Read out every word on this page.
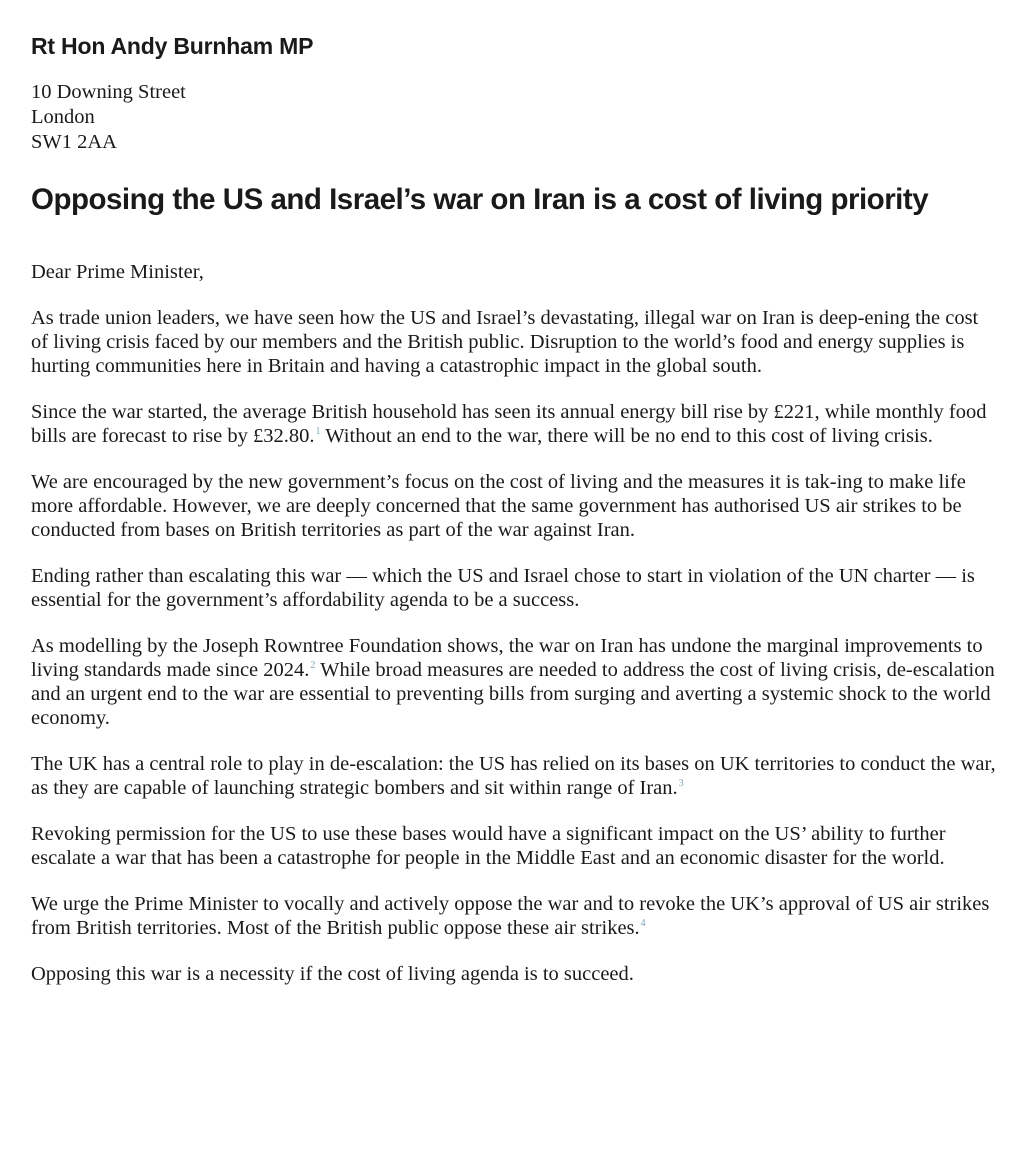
Rt Hon Andy Burnham MP
10 Downing Street
London
SW1 2AA
Opposing the US and Israel’s war on Iran is a cost of living priority

Dear Prime Minister,

As trade union leaders, we have seen how the US and Israel’s devastating, illegal war on Iran is deep-ening the cost of living crisis faced by our members and the British public. Disruption to the world’s food and energy supplies is hurting communities here in Britain and having a catastrophic impact in the global south.

Since the war started, the average British household has seen its annual energy bill rise by £221, while monthly food bills are forecast to rise by £32.80.$^1$ Without an end to the war, there will be no end to this cost of living crisis.

We are encouraged by the new government’s focus on the cost of living and the measures it is tak-ing to make life more affordable. However, we are deeply concerned that the same government has authorised US air strikes to be conducted from bases on British territories as part of the war against Iran.

Ending rather than escalating this war — which the US and Israel chose to start in violation of the UN charter — is essential for the government’s affordability agenda to be a success.

As modelling by the Joseph Rowntree Foundation shows, the war on Iran has undone the marginal improvements to living standards made since 2024.$^2$ While broad measures are needed to address the cost of living crisis, de-escalation and an urgent end to the war are essential to preventing bills from surging and averting a systemic shock to the world economy.

The UK has a central role to play in de-escalation: the US has relied on its bases on UK territories to conduct the war, as they are capable of launching strategic bombers and sit within range of Iran.$^3$

Revoking permission for the US to use these bases would have a significant impact on the US’ ability to further escalate a war that has been a catastrophe for people in the Middle East and an economic disaster for the world.

We urge the Prime Minister to vocally and actively oppose the war and to revoke the UK’s approval of US air strikes from British territories. Most of the British public oppose these air strikes.$^4$

Opposing this war is a necessity if the cost of living agenda is to succeed.
